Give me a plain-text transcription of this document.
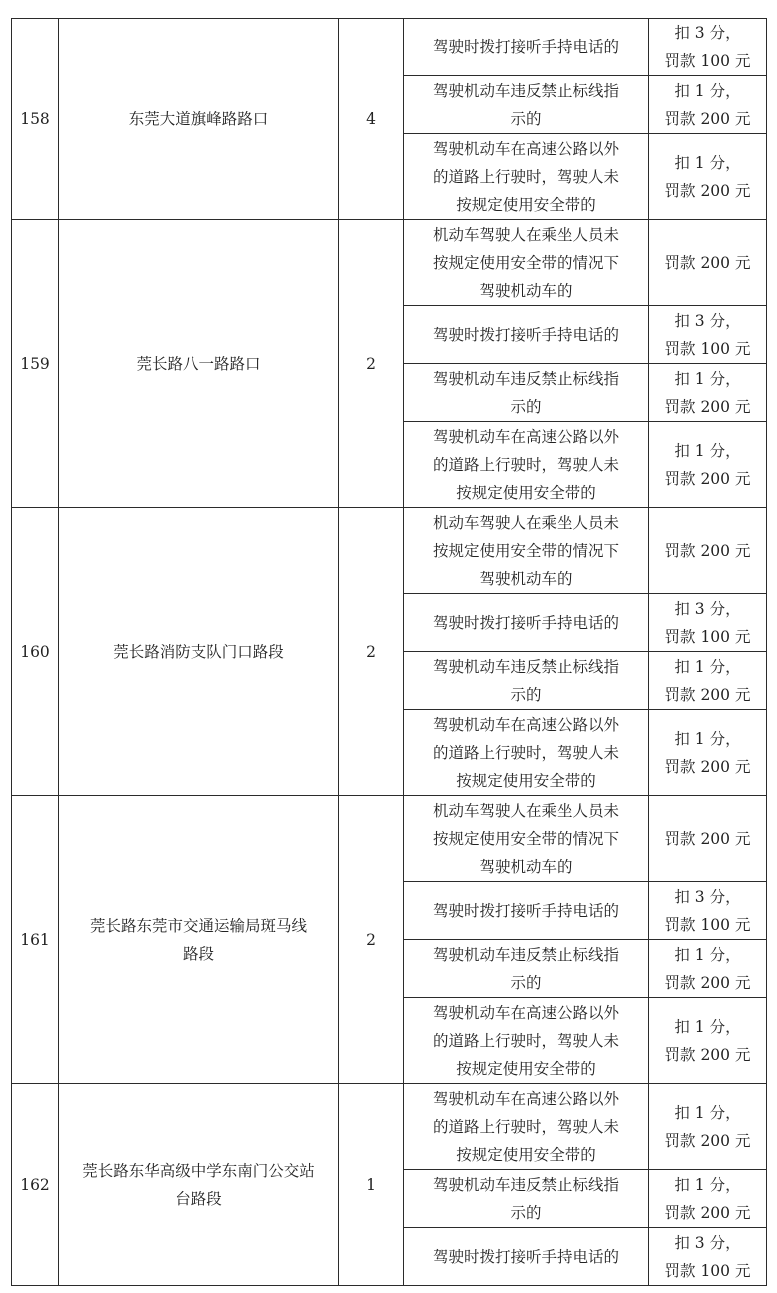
158	东莞大道旗峰路路口	4	驾驶时拨打接听手持电话的	扣 3 分，
罚款 100 元
			驾驶机动车违反禁止标线指
示的	扣 1 分，
罚款 200 元
			驾驶机动车在高速公路以外
的道路上行驶时，驾驶人未
按规定使用安全带的	扣 1 分，
罚款 200 元
159	莞长路八一路路口	2	机动车驾驶人在乘坐人员未
按规定使用安全带的情况下
驾驶机动车的	罚款 200 元
			驾驶时拨打接听手持电话的	扣 3 分，
罚款 100 元
			驾驶机动车违反禁止标线指
示的	扣 1 分，
罚款 200 元
			驾驶机动车在高速公路以外
的道路上行驶时，驾驶人未
按规定使用安全带的	扣 1 分，
罚款 200 元
160	莞长路消防支队门口路段	2	机动车驾驶人在乘坐人员未
按规定使用安全带的情况下
驾驶机动车的	罚款 200 元
			驾驶时拨打接听手持电话的	扣 3 分，
罚款 100 元
			驾驶机动车违反禁止标线指
示的	扣 1 分，
罚款 200 元
			驾驶机动车在高速公路以外
的道路上行驶时，驾驶人未
按规定使用安全带的	扣 1 分，
罚款 200 元
161	莞长路东莞市交通运输局斑马线
路段	2	机动车驾驶人在乘坐人员未
按规定使用安全带的情况下
驾驶机动车的	罚款 200 元
			驾驶时拨打接听手持电话的	扣 3 分，
罚款 100 元
			驾驶机动车违反禁止标线指
示的	扣 1 分，
罚款 200 元
			驾驶机动车在高速公路以外
的道路上行驶时，驾驶人未
按规定使用安全带的	扣 1 分，
罚款 200 元
162	莞长路东华高级中学东南门公交站
台路段	1	驾驶机动车在高速公路以外
的道路上行驶时，驾驶人未
按规定使用安全带的	扣 1 分，
罚款 200 元
			驾驶机动车违反禁止标线指
示的	扣 1 分，
罚款 200 元
			驾驶时拨打接听手持电话的	扣 3 分，
罚款 100 元
